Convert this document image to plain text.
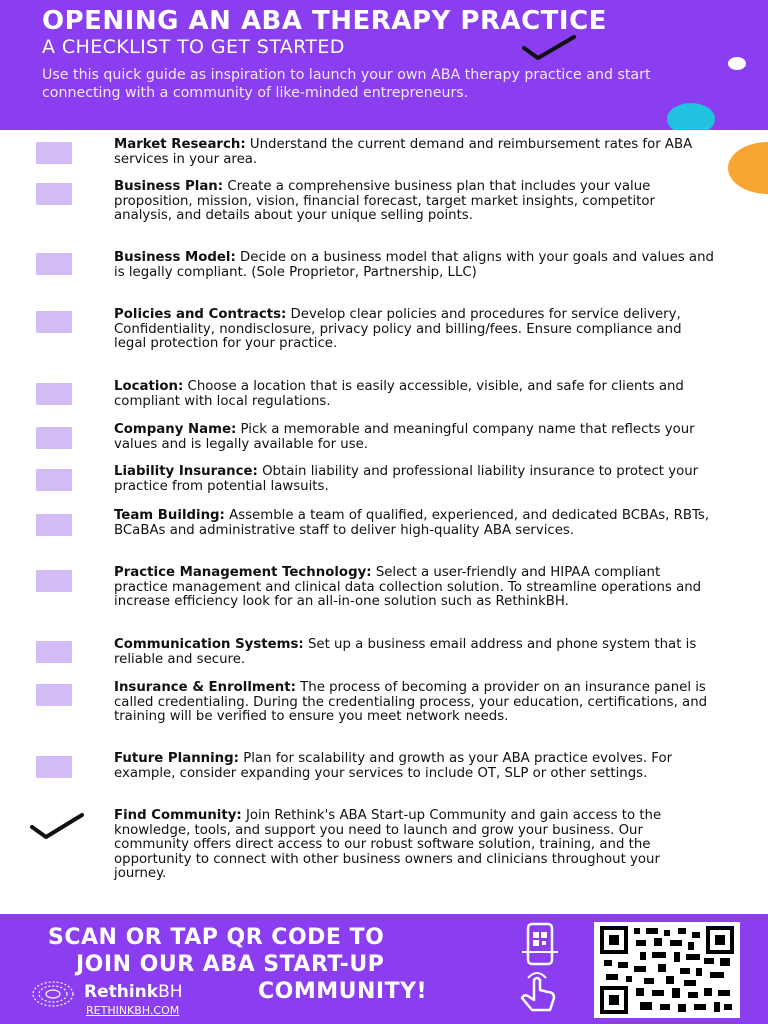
OPENING AN ABA THERAPY PRACTICE
A CHECKLIST TO GET STARTED
Use this quick guide as inspiration to launch your own ABA therapy practice and start connecting with a community of like-minded entrepreneurs.
Market Research: Understand the current demand and reimbursement rates for ABA services in your area.
Business Plan: Create a comprehensive business plan that includes your value proposition, mission, vision, financial forecast, target market insights, competitor analysis, and details about your unique selling points.
Business Model: Decide on a business model that aligns with your goals and values and is legally compliant. (Sole Proprietor, Partnership, LLC)
Policies and Contracts: Develop clear policies and procedures for service delivery, Confidentiality, nondisclosure, privacy policy and billing/fees. Ensure compliance and legal protection for your practice.
Location: Choose a location that is easily accessible, visible, and safe for clients and compliant with local regulations.
Company Name: Pick a memorable and meaningful company name that reflects your values and is legally available for use.
Liability Insurance: Obtain liability and professional liability insurance to protect your practice from potential lawsuits.
Team Building: Assemble a team of qualified, experienced, and dedicated BCBAs, RBTs, BCaBAs and administrative staff to deliver high-quality ABA services.
Practice Management Technology: Select a user-friendly and HIPAA compliant practice management and clinical data collection solution. To streamline operations and increase efficiency look for an all-in-one solution such as RethinkBH.
Communication Systems: Set up a business email address and phone system that is reliable and secure.
Insurance & Enrollment: The process of becoming a provider on an insurance panel is called credentialing. During the credentialing process, your education, certifications, and training will be verified to ensure you meet network needs.
Future Planning: Plan for scalability and growth as your ABA practice evolves. For example, consider expanding your services to include OT, SLP or other settings.
Find Community: Join Rethink's ABA Start-up Community and gain access to the knowledge, tools, and support you need to launch and grow your business. Our community offers direct access to our robust software solution, training, and the opportunity to connect with other business owners and clinicians throughout your journey.
SCAN OR TAP QR CODE TO
JOIN OUR ABA START-UP
COMMUNITY!
RethinkBH
RETHINKBH.COM
